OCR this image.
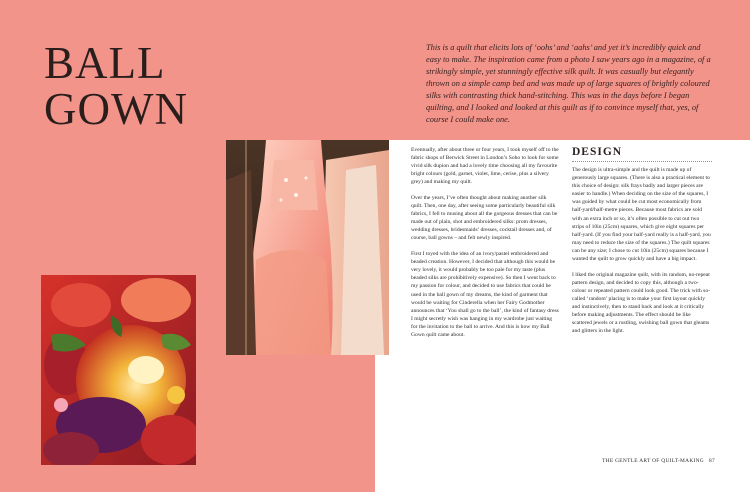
BALL
GOWN

This is a quilt that elicits lots of ‘oohs’ and ‘aahs’ and yet it’s incredibly quick and easy to make. The inspiration came from a photo I saw years ago in a magazine, of a strikingly simple, yet stunningly effective silk quilt. It was casually but elegantly thrown on a simple camp bed and was made up of large squares of brightly coloured silks with contrasting thick hand-stitching. This was in the days before I began quilting, and I looked and looked at this quilt as if to convince myself that, yes, of course I could make one.

Eventually, after about three or four years, I took myself off to the fabric shops of Berwick Street in London’s Soho to look for some vivid silk dupion and had a lovely time choosing all my favourite bright colours (gold, garnet, violet, lime, cerise, plus a silvery grey) and making my quilt.

Over the years, I’ve often thought about making another silk quilt. Then, one day, after seeing some particularly beautiful silk fabrics, I fell to musing about all the gorgeous dresses that can be made out of plain, shot and embroidered silks: prom dresses, wedding dresses, bridesmaids’ dresses, cocktail dresses and, of course, ball gowns – and felt newly inspired.

First I toyed with the idea of an ivory/pastel embroidered and beaded creation. However, I decided that although this would be very lovely, it would probably be too pale for my taste (plus beaded silks are prohibitively expensive). So then I went back to my passion for colour, and decided to use fabrics that could be used in the ball gown of my dreams, the kind of garment that would be waiting for Cinderella when her Fairy Godmother announces that ‘You shall go to the ball’, the kind of fantasy dress I might secretly wish was hanging in my wardrobe just waiting for the invitation to the ball to arrive. And this is how my Ball Gown quilt came about.

DESIGN

The design is ultra-simple and the quilt is made up of generously large squares. (There is also a practical element to this choice of design: silk frays badly and larger pieces are easier to handle.) When deciding on the size of the squares, I was guided by what could be cut most economically from half-yard/half-metre pieces. Because most fabrics are sold with an extra inch or so, it’s often possible to cut out two strips of 10in (25cm) squares, which give eight squares per half-yard. (If you find your half-yard really is a half-yard, you may need to reduce the size of the squares.) The quilt squares can be any size; I chose to cut 10in (25cm) squares because I wanted the quilt to grow quickly and have a big impact.

I liked the original magazine quilt, with its random, no-repeat pattern design, and decided to copy this, although a two-colour or repeated pattern could look good. The trick with so-called ‘random’ placing is to make your first layout quickly and instinctively, then to stand back and look at it critically before making adjustments. The effect should be like scattered jewels or a rustling, swishing ball gown that gleams and glitters in the light.

THE GENTLE ART OF QUILT-MAKING 87
